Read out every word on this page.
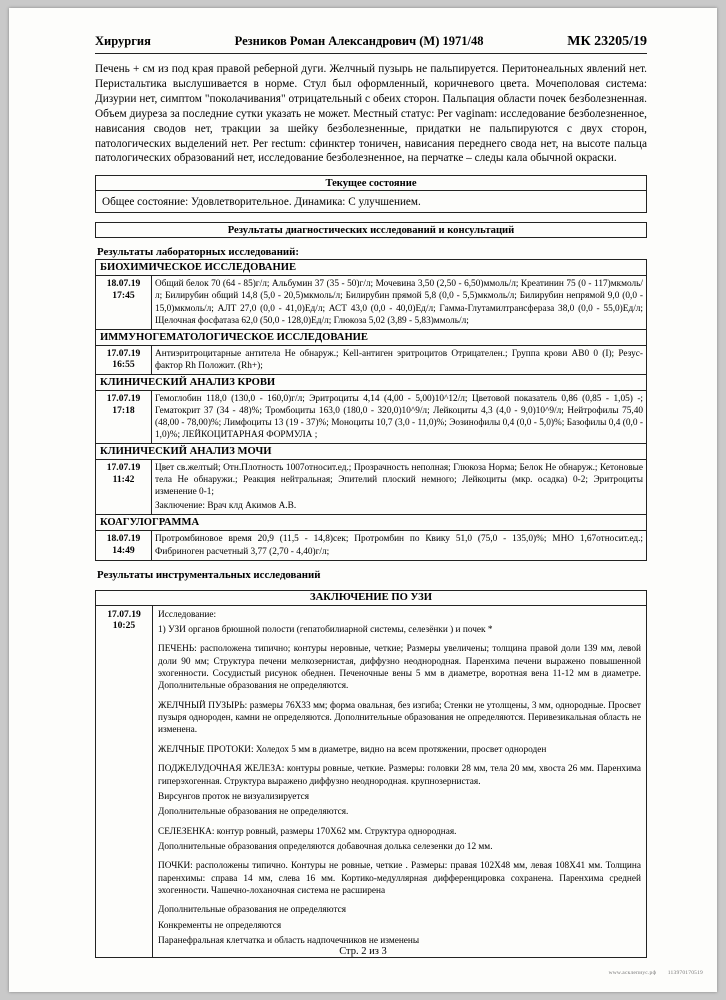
Хирургия	Резников Роман Александрович (М) 1971/48	МК 23205/19

Печень + см из под края правой реберной дуги. Желчный пузырь не пальпируется. Перитонеальных явлений нет. Перистальтика выслушивается в норме. Стул был оформленный, коричневого цвета. Мочеполовая система: Дизурии нет, симптом "поколачивания" отрицательный с обеих сторон. Пальпация области почек безболезненная. Объем диуреза за последние сутки указать не может. Местный статус: Per vaginam: исследование безболезненное, нависания сводов нет, тракции за шейку безболезненные, придатки не пальпируются с двух сторон, патологических выделений нет. Per rectum: сфинктер тоничен, нависания переднего свода нет, на высоте пальца патологических образований нет, исследование безболезненное, на перчатке – следы кала обычной окраски.

Текущее состояние
Общее состояние: Удовлетворительное. Динамика: С улучшением.
Результаты диагностических исследований и консультаций
Результаты лабораторных исследований:
БИОХИМИЧЕСКОЕ ИССЛЕДОВАНИЕ	

18.07.19
17:45	Общий белок 70 (64 - 85)г/л; Альбумин 37 (35 - 50)г/л; Мочевина 3,50 (2,50 - 6,50)ммоль/л; Креатинин 75 (0 - 117)мкмоль/л; Билирубин общий 14,8 (5,0 - 20,5)мкмоль/л; Билирубин прямой 5,8 (0,0 - 5,5)мкмоль/л; Билирубин непрямой 9,0 (0,0 - 15,0)мкмоль/л; АЛТ 27,0 (0,0 - 41,0)Ед/л; АСТ 43,0 (0,0 - 40,0)Ед/л; Гамма-Глутамилтрансфераза 38,0 (0,0 - 55,0)Ед/л; Щелочная фосфатаза 62,0 (50,0 - 128,0)Ед/л; Глюкоза 5,02 (3,89 - 5,83)ммоль/л;
ИММУНОГЕМАТОЛОГИЧЕСКОЕ ИССЛЕДОВАНИЕ	

17.07.19
16:55	Антиэритроцитарные антитела Не обнаруж.; Kell-антиген эритроцитов Отрицателен.; Группа крови АВ0 0 (I); Резус-фактор Rh Положит. (Rh+);
КЛИНИЧЕСКИЙ АНАЛИЗ КРОВИ	

17.07.19
17:18	Гемоглобин 118,0 (130,0 - 160,0)г/л; Эритроциты 4,14 (4,00 - 5,00)10^12/л; Цветовой показатель 0,86 (0,85 - 1,05) -; Гематокрит 37 (34 - 48)%; Тромбоциты 163,0 (180,0 - 320,0)10^9/л; Лейкоциты 4,3 (4,0 - 9,0)10^9/л; Нейтрофилы 75,40 (48,00 - 78,00)%; Лимфоциты 13 (19 - 37)%; Моноциты 10,7 (3,0 - 11,0)%; Эозинофилы 0,4 (0,0 - 5,0)%; Базофилы 0,4 (0,0 - 1,0)%; ЛЕЙКОЦИТАРНАЯ ФОРМУЛА ;
КЛИНИЧЕСКИЙ АНАЛИЗ МОЧИ	

17.07.19
11:42
	Цвет св.желтый; Отн.Плотность 1007относит.ед.; Прозрачность неполная; Глюкоза Норма; Белок Не обнаруж.; Кетоновые тела Не обнаружи.; Реакция нейтральная; Эпителий плоский немного; Лейкоциты (мкр. осадка) 0-2; Эритроциты изменение 0-1;
Заключение: Врач клд Акимов А.В.

КОАГУЛОГРАММА	

18.07.19
14:49	Протромбиновое время 20,9 (11,5 - 14,8)сек; Протромбин по Квику 51,0 (75,0 - 135,0)%; МНО 1,67относит.ед.; Фибриноген расчетный 3,77 (2,70 - 4,40)г/л;
Результаты инструментальных исследований
ЗАКЛЮЧЕНИЕ ПО УЗИ
17.07.19
10:25

Исследование:

1) УЗИ органов брюшной полости (гепатобилиарной системы, селезёнки ) и почек *

ПЕЧЕНЬ: расположена типично; контуры неровные, четкие; Размеры увеличены; толщина правой доли 139 мм, левой доли 90 мм; Структура печени мелкозернистая, диффузно неоднородная. Паренхима печени выражено повышенной эхогенности. Сосудистый рисунок обеднен. Печеночные вены 5 мм в диаметре, воротная вена 11-12 мм в диаметре. Дополнительные образования не определяются.

ЖЕЛЧНЫЙ ПУЗЫРЬ: размеры 76Х33 мм; форма овальная, без изгиба; Стенки не утолщены, 3 мм, однородные. Просвет пузыря однороден, камни не определяются. Дополнительные образования не определяются. Перивезикальная область не изменена.

ЖЕЛЧНЫЕ ПРОТОКИ: Холедох 5 мм в диаметре, видно на всем протяжении, просвет однороден

ПОДЖЕЛУДОЧНАЯ ЖЕЛЕЗА: контуры ровные, четкие. Размеры: головки 28 мм, тела 20 мм, хвоста 26 мм. Паренхима гиперэхогенная. Структура выражено диффузно неоднородная. крупнозернистая.

Вирсунгов проток не визуализируется

Дополнительные образования не определяются.

СЕЛЕЗЕНКА: контур ровный, размеры 170Х62 мм. Структура однородная.

Дополнительные образования определяются добавочная долька селезенки до 12 мм.

ПОЧКИ: расположены типично. Контуры не ровные, четкие . Размеры: правая 102Х48 мм, левая 108Х41 мм. Толщина паренхимы: справа 14 мм, слева 16 мм. Кортико-медуллярная дифференцировка сохранена. Паренхима средней эхогенности. Чашечно-лоханочная система не расширена

Дополнительные образования не определяются

Конкременты не определяются

Паранефральная клетчатка и область надпочечников не изменены

Стр. 2 из 3
www.асклепиус.рф 113970170519
